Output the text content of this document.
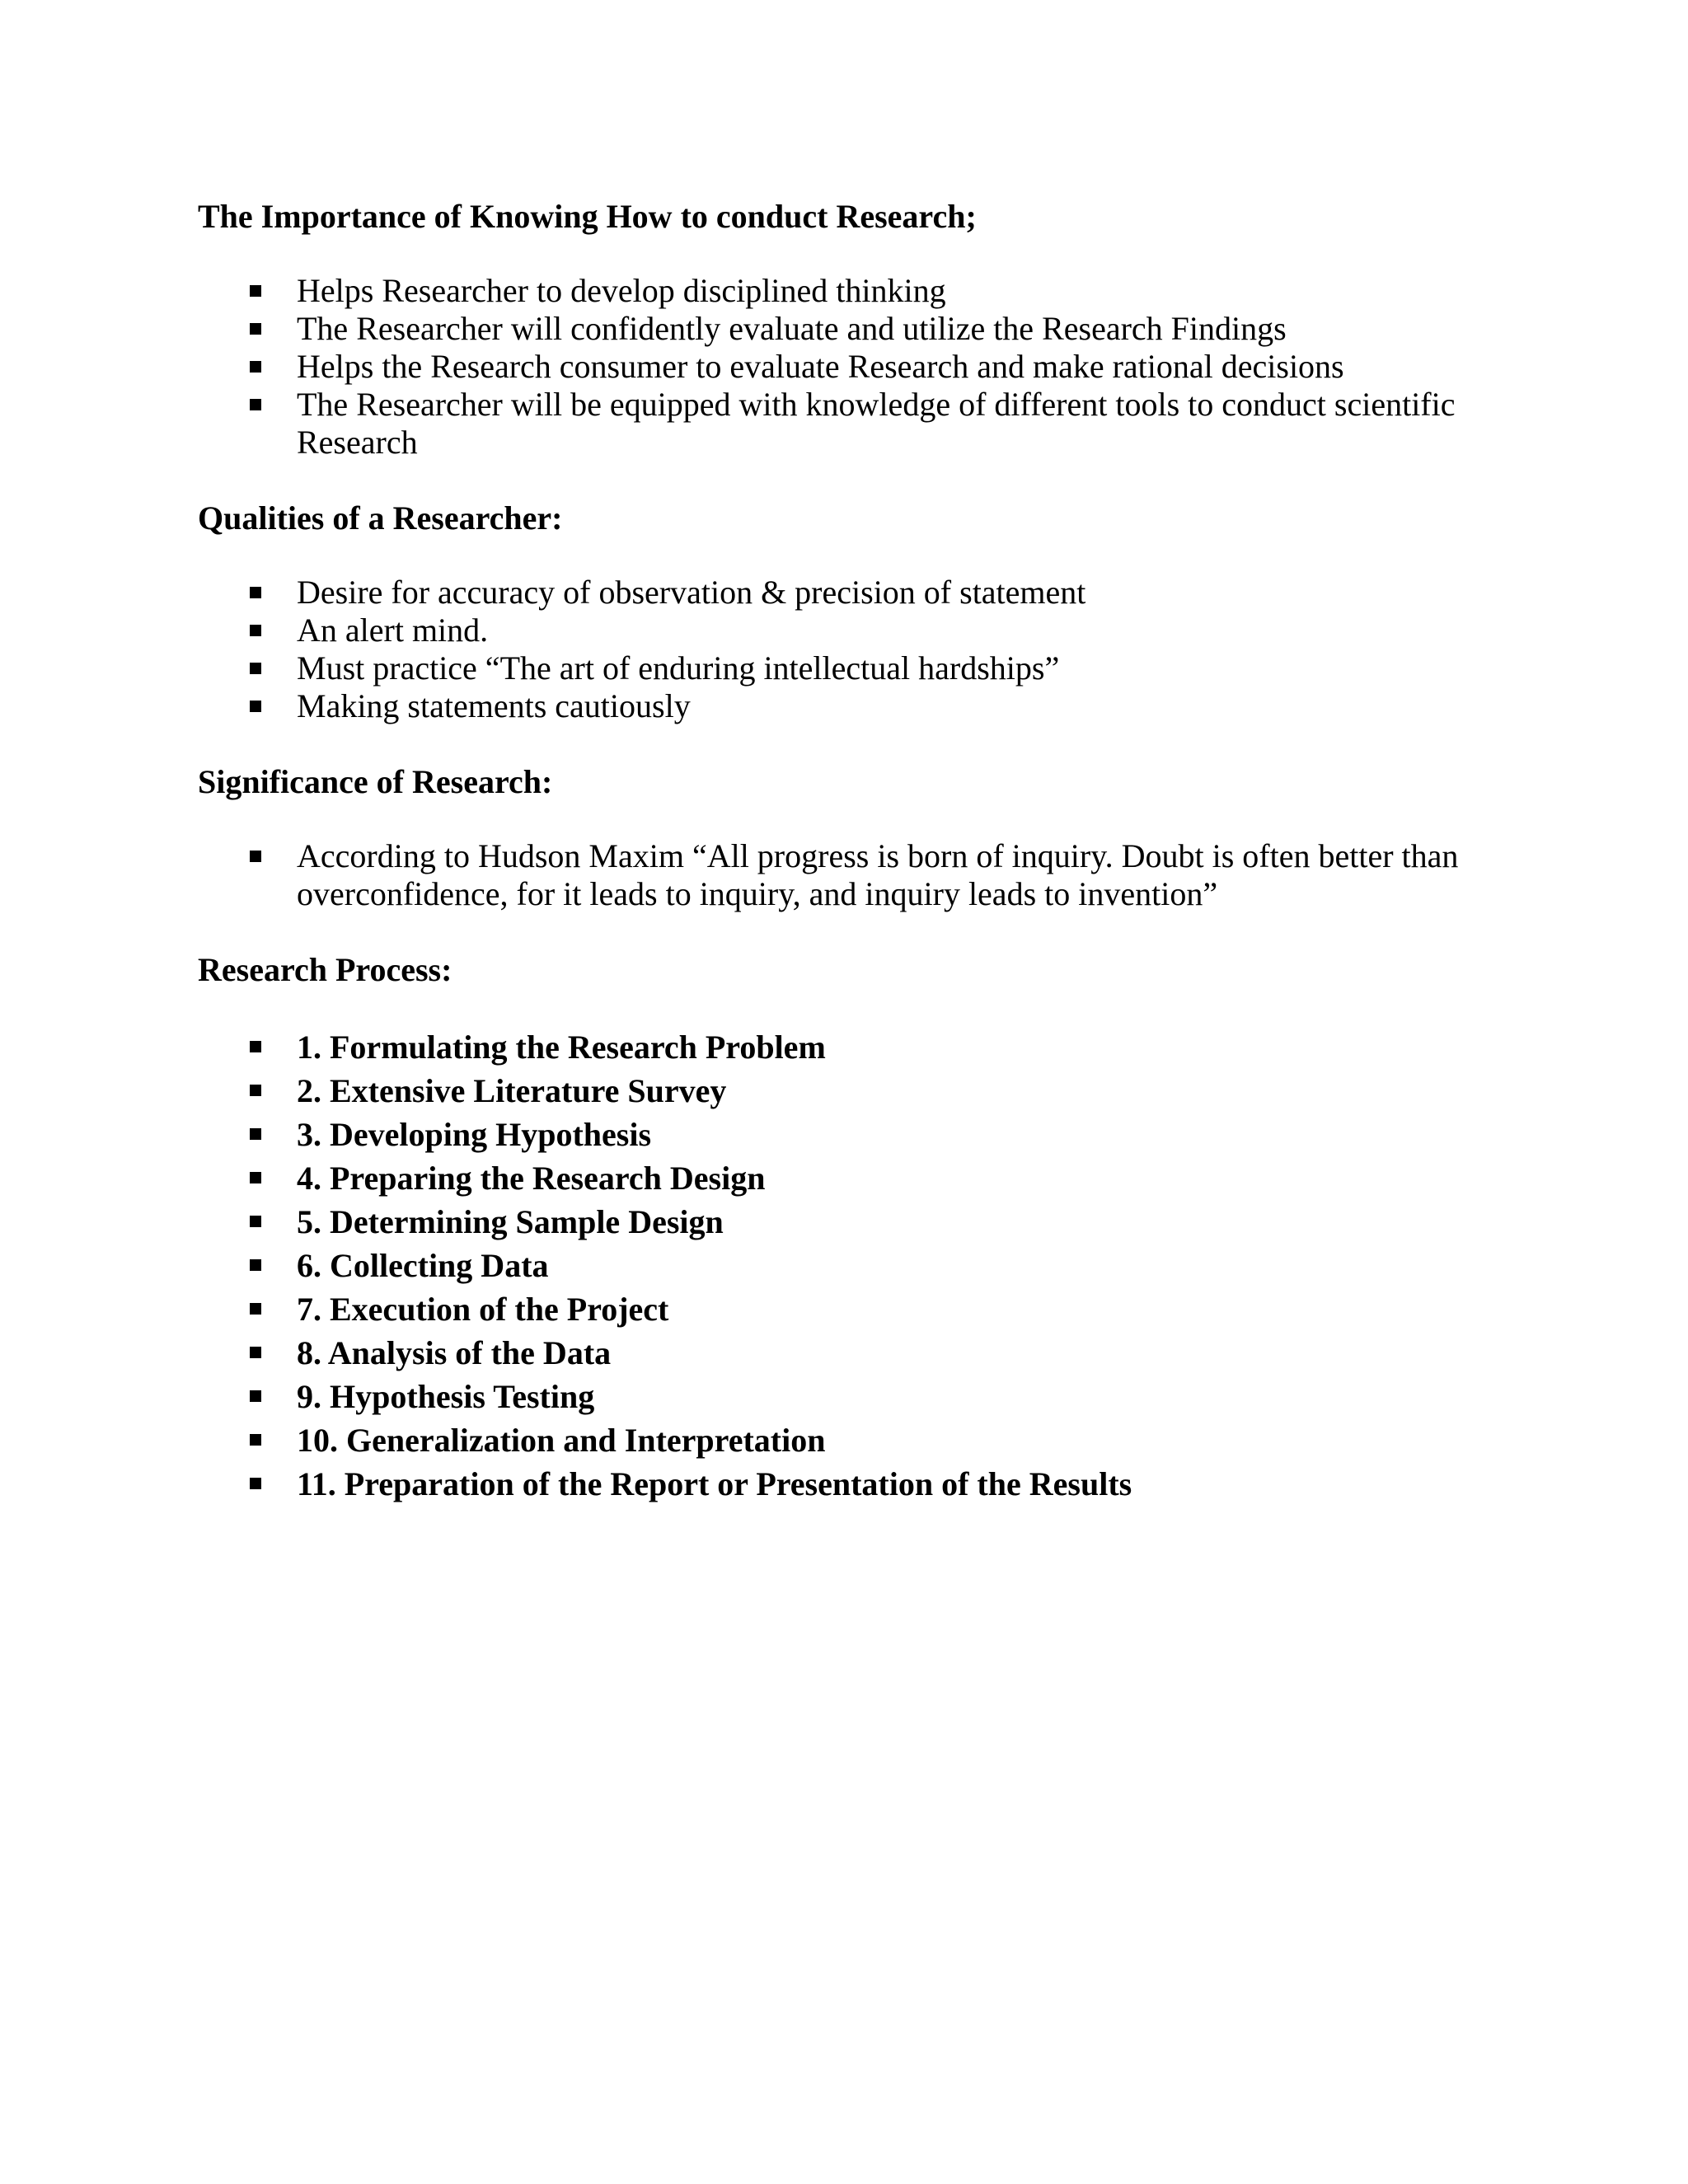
The Importance of Knowing How to conduct Research;
Helps Researcher to develop disciplined thinking
The Researcher will confidently evaluate and utilize the Research Findings
Helps the Research consumer to evaluate Research and make rational decisions
The Researcher will be equipped with knowledge of different tools to conduct scientific Research
Qualities of a Researcher:
Desire for accuracy of observation & precision of statement
An alert mind.
Must practice “The art of enduring intellectual hardships”
Making statements cautiously
Significance of Research:
According to Hudson Maxim “All progress is born of inquiry. Doubt is often better than overconfidence, for it leads to inquiry, and inquiry leads to invention”
Research Process:
1. Formulating the Research Problem
2. Extensive Literature Survey
3. Developing Hypothesis
4. Preparing the Research Design
5. Determining Sample Design
6. Collecting Data
7. Execution of the Project
8. Analysis of the Data
9. Hypothesis Testing
10. Generalization and Interpretation
11. Preparation of the Report or Presentation of the Results
